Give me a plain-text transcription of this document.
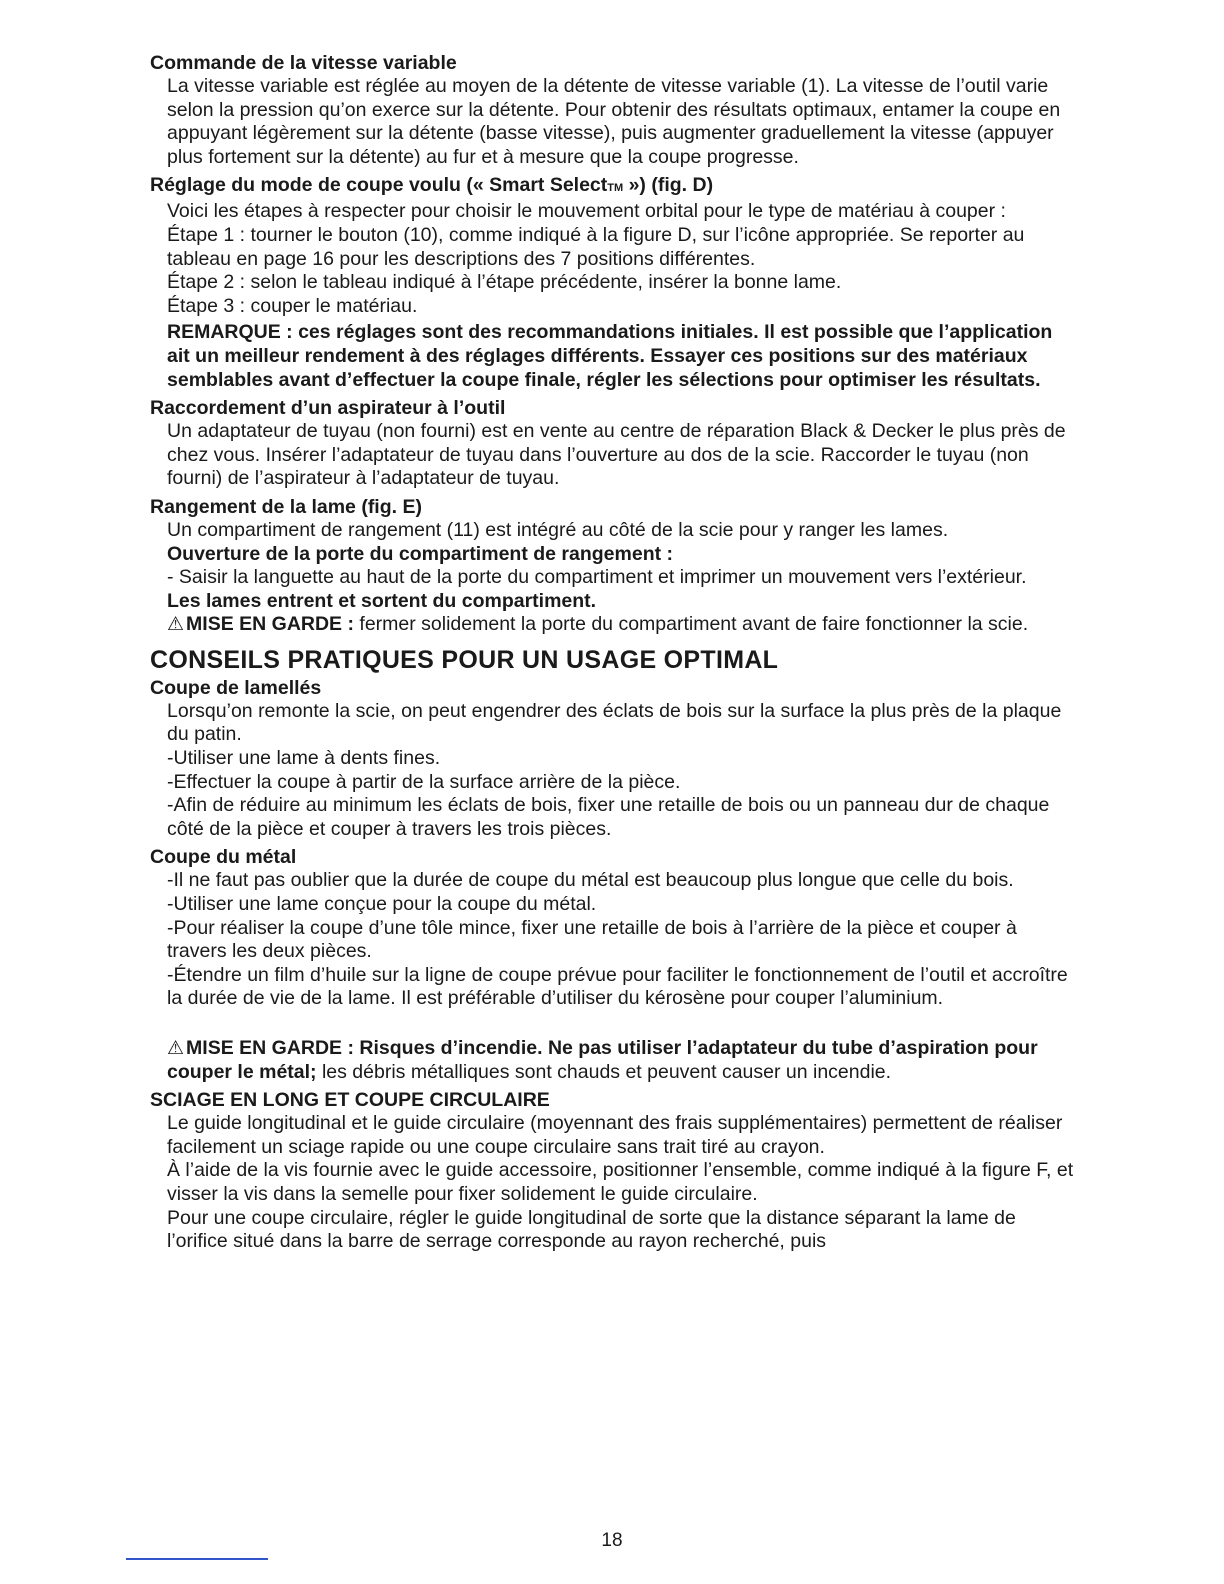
Commande de la vitesse variable

La vitesse variable est réglée au moyen de la détente de vitesse variable (1). La vitesse de l’outil varie selon la pression qu’on exerce sur la détente. Pour obtenir des résultats optimaux, entamer la coupe en appuyant légèrement sur la détente (basse vitesse), puis augmenter graduellement la vitesse (appuyer plus fortement sur la détente) au fur et à mesure que la coupe progresse.

Réglage du mode de coupe voulu (« Smart SelectTM ») (fig. D)

Voici les étapes à respecter pour choisir le mouvement orbital pour le type de matériau à couper :

Étape 1 : tourner le bouton (10), comme indiqué à la figure D, sur l’icône appropriée. Se reporter au tableau en page 16 pour les descriptions des 7 positions différentes.

Étape 2 : selon le tableau indiqué à l’étape précédente, insérer la bonne lame.

Étape 3 : couper le matériau.

REMARQUE : ces réglages sont des recommandations initiales. Il est possible que l’application ait un meilleur rendement à des réglages différents. Essayer ces positions sur des matériaux semblables avant d’effectuer la coupe finale, régler les sélections pour optimiser les résultats.

Raccordement d’un aspirateur à l’outil

Un adaptateur de tuyau (non fourni) est en vente au centre de réparation Black & Decker le plus près de chez vous. Insérer l’adaptateur de tuyau dans l’ouverture au dos de la scie. Raccorder le tuyau (non fourni) de l’aspirateur à l’adaptateur de tuyau.

Rangement de la lame (fig. E)

Un compartiment de rangement (11) est intégré au côté de la scie pour y ranger les lames.

Ouverture de la porte du compartiment de rangement :

- Saisir la languette au haut de la porte du compartiment et imprimer un mouvement vers l’extérieur.

Les lames entrent et sortent du compartiment.

⚠ MISE EN GARDE : fermer solidement la porte du compartiment avant de faire fonctionner la scie.

CONSEILS PRATIQUES POUR UN USAGE OPTIMAL

Coupe de lamellés

Lorsqu’on remonte la scie, on peut engendrer des éclats de bois sur la surface la plus près de la plaque du patin.

-Utiliser une lame à dents fines.

-Effectuer la coupe à partir de la surface arrière de la pièce.

-Afin de réduire au minimum les éclats de bois, fixer une retaille de bois ou un panneau dur de chaque côté de la pièce et couper à travers les trois pièces.

Coupe du métal

-Il ne faut pas oublier que la durée de coupe du métal est beaucoup plus longue que celle du bois.

-Utiliser une lame conçue pour la coupe du métal.

-Pour réaliser la coupe d’une tôle mince, fixer une retaille de bois à l’arrière de la pièce et couper à travers les deux pièces.

-Étendre un film d’huile sur la ligne de coupe prévue pour faciliter le fonctionnement de l’outil et accroître la durée de vie de la lame. Il est préférable d’utiliser du kérosène pour couper l’aluminium.

⚠ MISE EN GARDE : Risques d’incendie. Ne pas utiliser l’adaptateur du tube d’aspiration pour couper le métal; les débris métalliques sont chauds et peuvent causer un incendie.

SCIAGE EN LONG ET COUPE CIRCULAIRE

Le guide longitudinal et le guide circulaire (moyennant des frais supplémentaires) permettent de réaliser facilement un sciage rapide ou une coupe circulaire sans trait tiré au crayon.

À l’aide de la vis fournie avec le guide accessoire, positionner l’ensemble, comme indiqué à la figure F, et visser la vis dans la semelle pour fixer solidement le guide circulaire.

Pour une coupe circulaire, régler le guide longitudinal de sorte que la distance séparant la lame de l’orifice situé dans la barre de serrage corresponde au rayon recherché, puis

18
